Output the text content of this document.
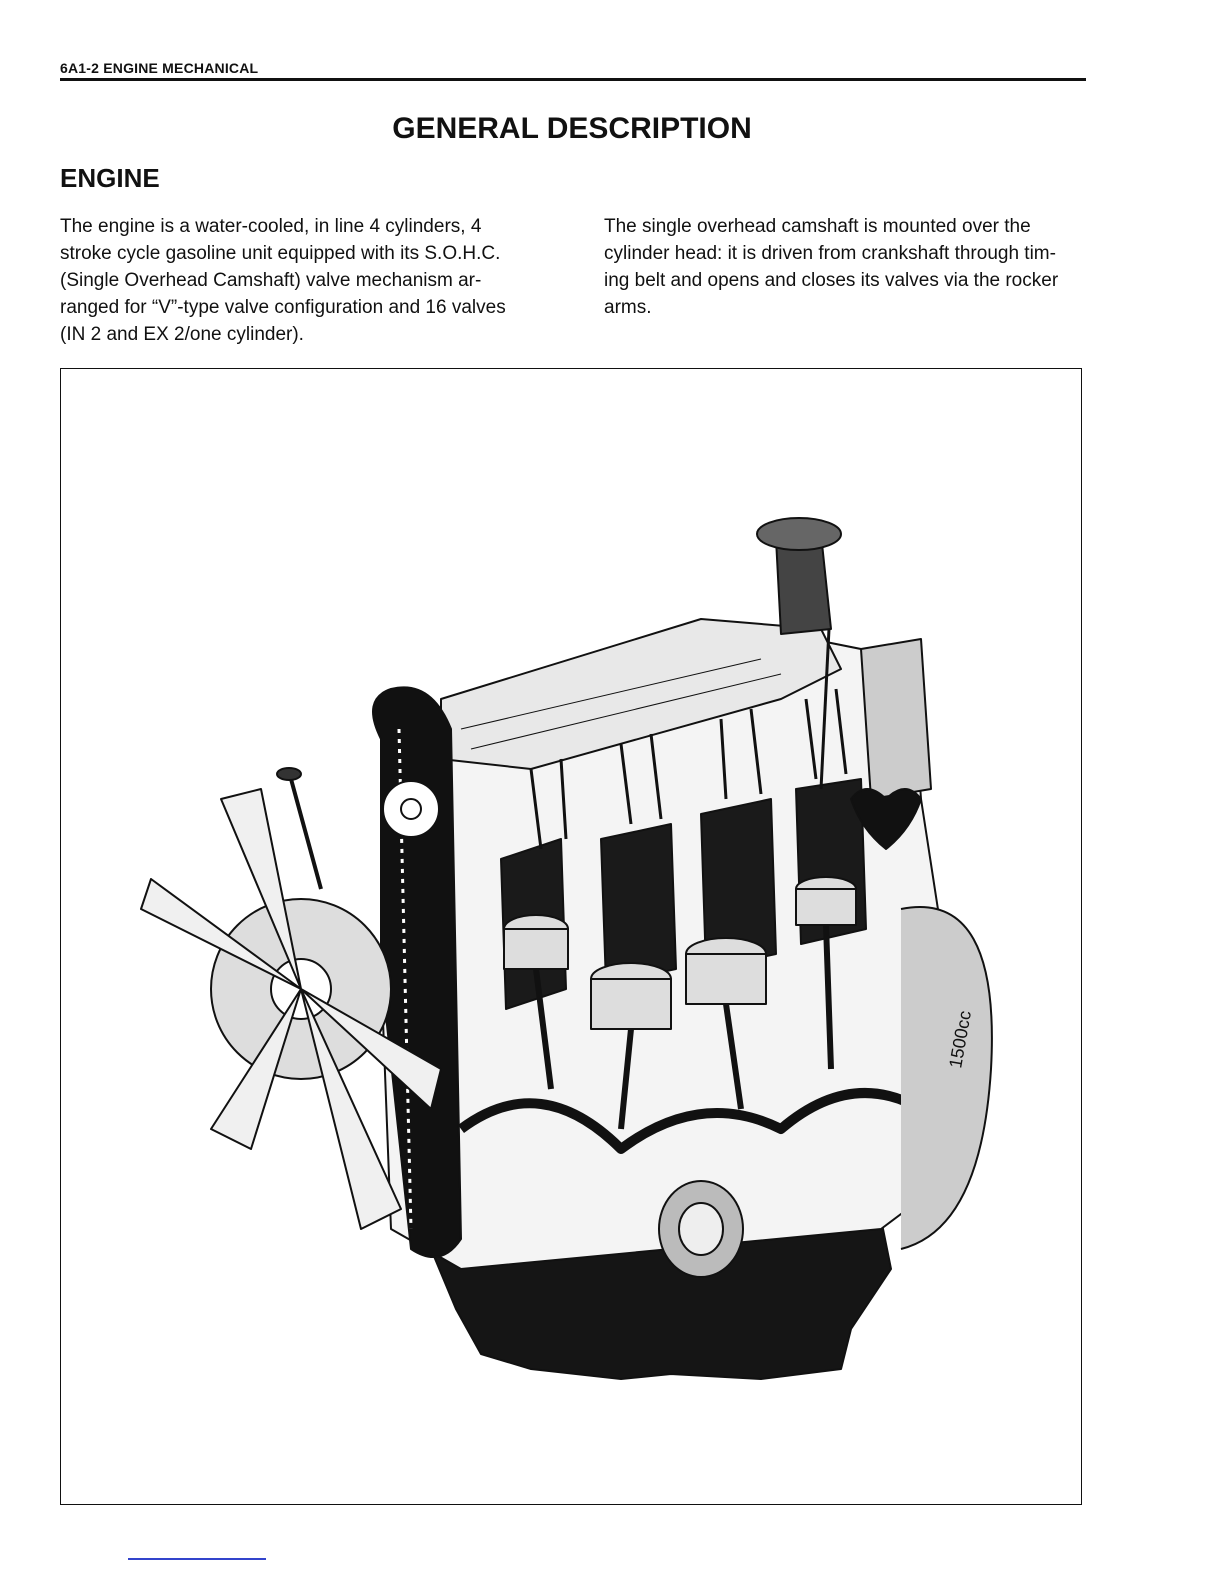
6A1-2 ENGINE MECHANICAL
GENERAL DESCRIPTION
ENGINE
The engine is a water-cooled, in line 4 cylinders, 4
stroke cycle gasoline unit equipped with its S.O.H.C.
(Single Overhead Camshaft) valve mechanism ar-
ranged for “V”-type valve configuration and 16 valves
(IN 2 and EX 2/one cylinder).
The single overhead camshaft is mounted over the
cylinder head: it is driven from crankshaft through tim-
ing belt and opens and closes its valves via the rocker
arms.
1500cc
